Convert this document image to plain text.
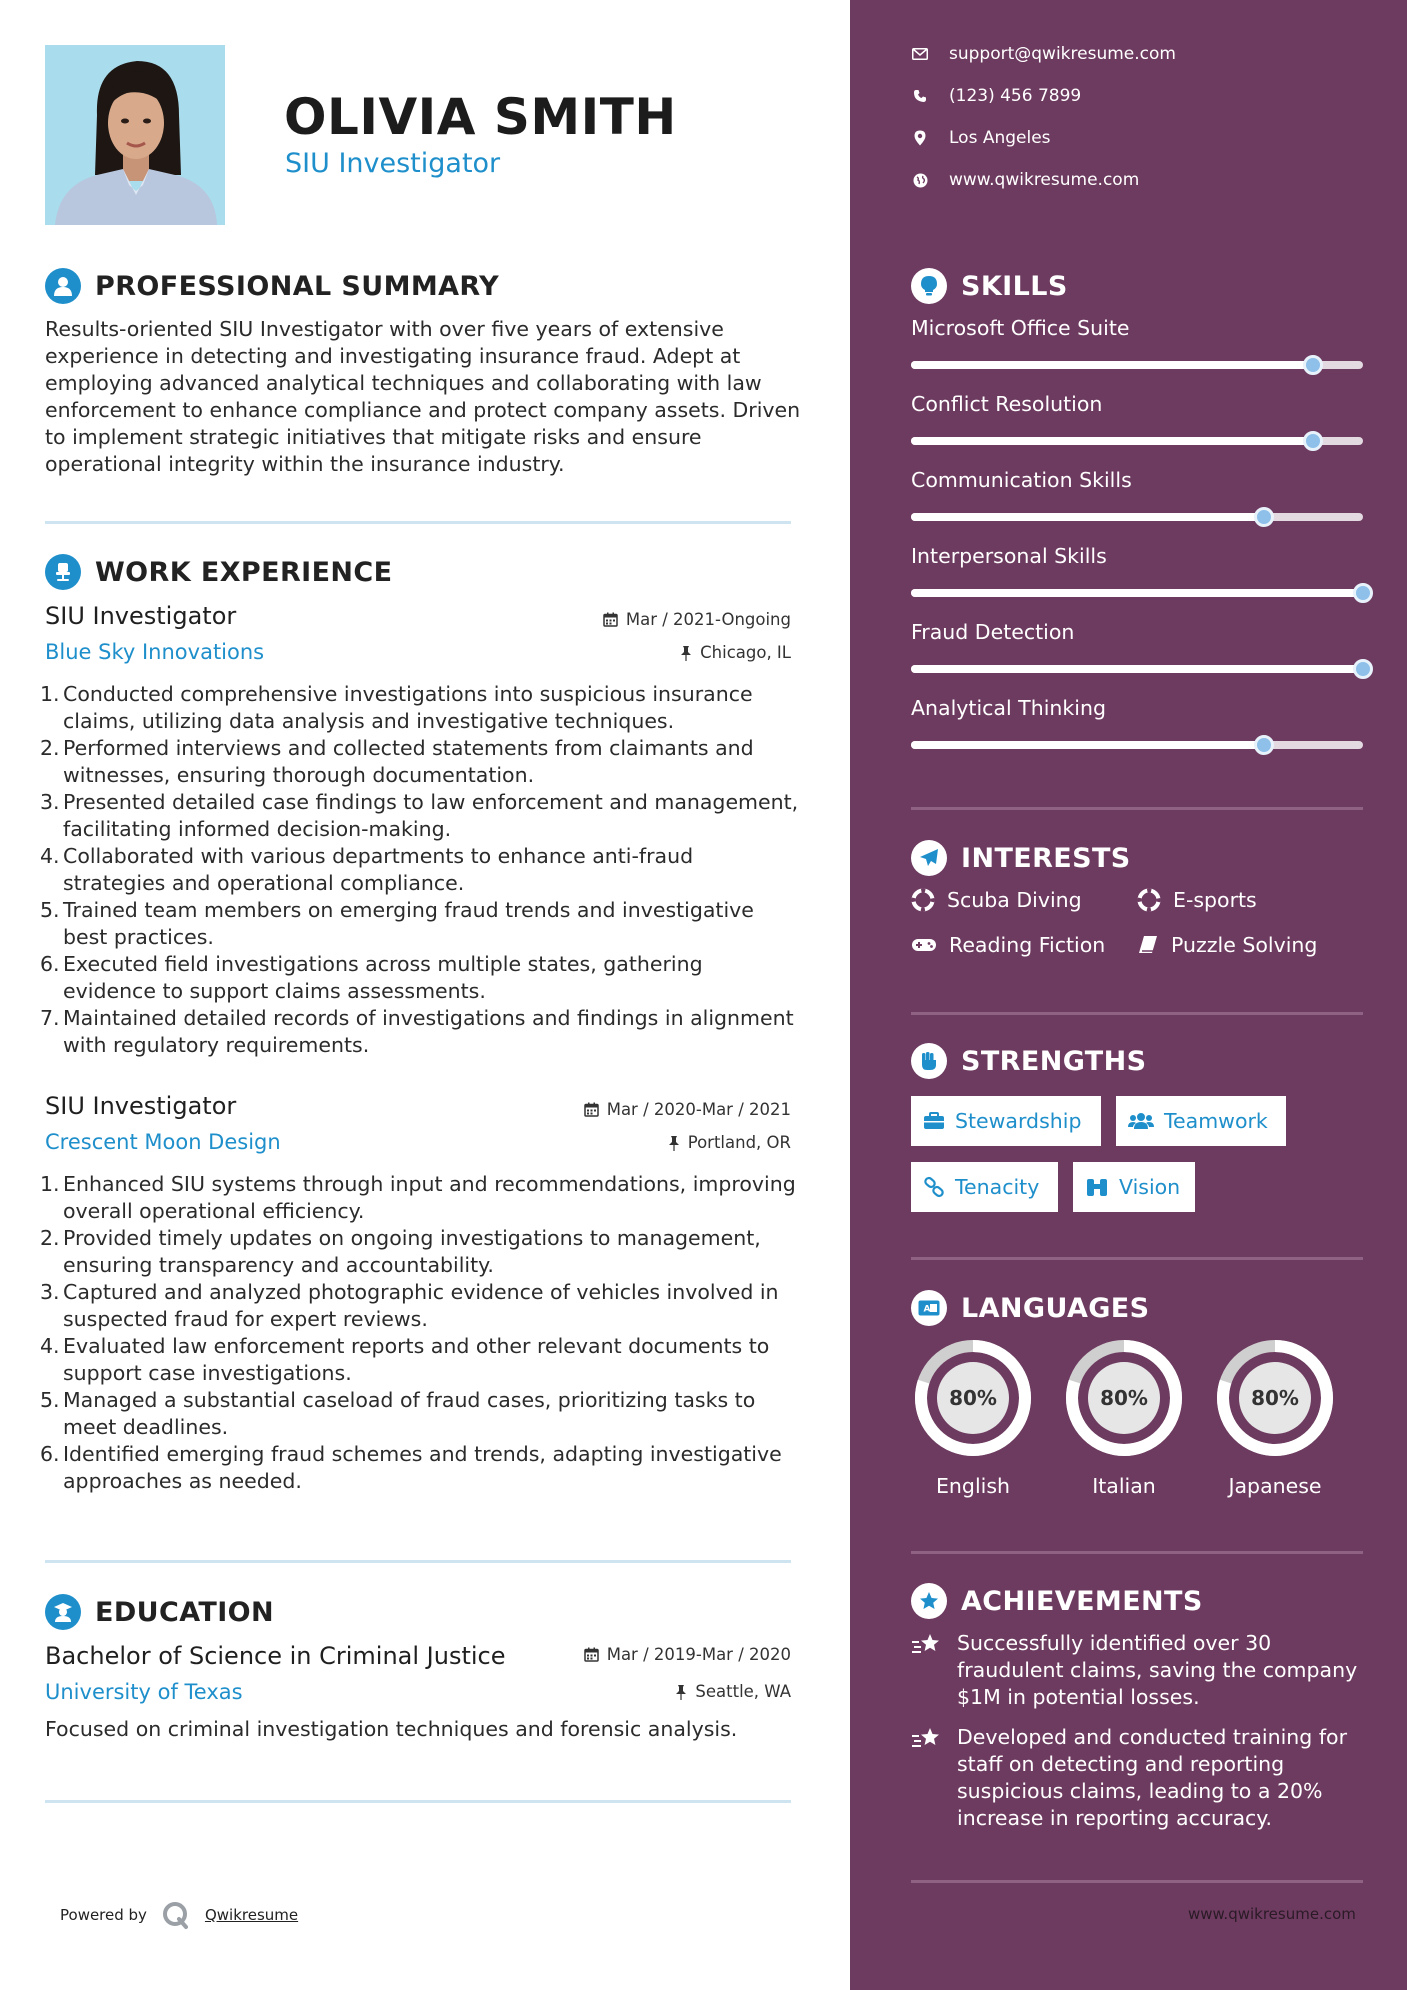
OLIVIA SMITH
SIU Investigator
PROFESSIONAL SUMMARY
Results-oriented SIU Investigator with over five years of extensive experience in detecting and investigating insurance fraud. Adept at employing advanced analytical techniques and collaborating with law enforcement to enhance compliance and protect company assets. Driven to implement strategic initiatives that mitigate risks and ensure operational integrity within the insurance industry.
WORK EXPERIENCE
SIU Investigator	Mar / 2021-Ongoing
Blue Sky Innovations	Chicago, IL
1. Conducted comprehensive investigations into suspicious insurance claims, utilizing data analysis and investigative techniques.
2. Performed interviews and collected statements from claimants and witnesses, ensuring thorough documentation.
3. Presented detailed case findings to law enforcement and management, facilitating informed decision-making.
4. Collaborated with various departments to enhance anti-fraud strategies and operational compliance.
5. Trained team members on emerging fraud trends and investigative best practices.
6. Executed field investigations across multiple states, gathering evidence to support claims assessments.
7. Maintained detailed records of investigations and findings in alignment with regulatory requirements.
SIU Investigator	Mar / 2020-Mar / 2021
Crescent Moon Design	Portland, OR
1. Enhanced SIU systems through input and recommendations, improving overall operational efficiency.
2. Provided timely updates on ongoing investigations to management, ensuring transparency and accountability.
3. Captured and analyzed photographic evidence of vehicles involved in suspected fraud for expert reviews.
4. Evaluated law enforcement reports and other relevant documents to support case investigations.
5. Managed a substantial caseload of fraud cases, prioritizing tasks to meet deadlines.
6. Identified emerging fraud schemes and trends, adapting investigative approaches as needed.
EDUCATION
Bachelor of Science in Criminal Justice	Mar / 2019-Mar / 2020
University of Texas	Seattle, WA
Focused on criminal investigation techniques and forensic analysis.
Powered by	Qwikresume
support@qwikresume.com
(123) 456 7899
Los Angeles
www.qwikresume.com
SKILLS
Microsoft Office Suite
Conflict Resolution
Communication Skills
Interpersonal Skills
Fraud Detection
Analytical Thinking
INTERESTS
Scuba Diving	E-sports
Reading Fiction	Puzzle Solving
STRENGTHS
Stewardship	Teamwork
Tenacity	Vision
A LANGUAGES
80%
English
80%
Italian
80%
Japanese
ACHIEVEMENTS
Successfully identified over 30 fraudulent claims, saving the company $1M in potential losses.
Developed and conducted training for staff on detecting and reporting suspicious claims, leading to a 20% increase in reporting accuracy.
www.qwikresume.com
